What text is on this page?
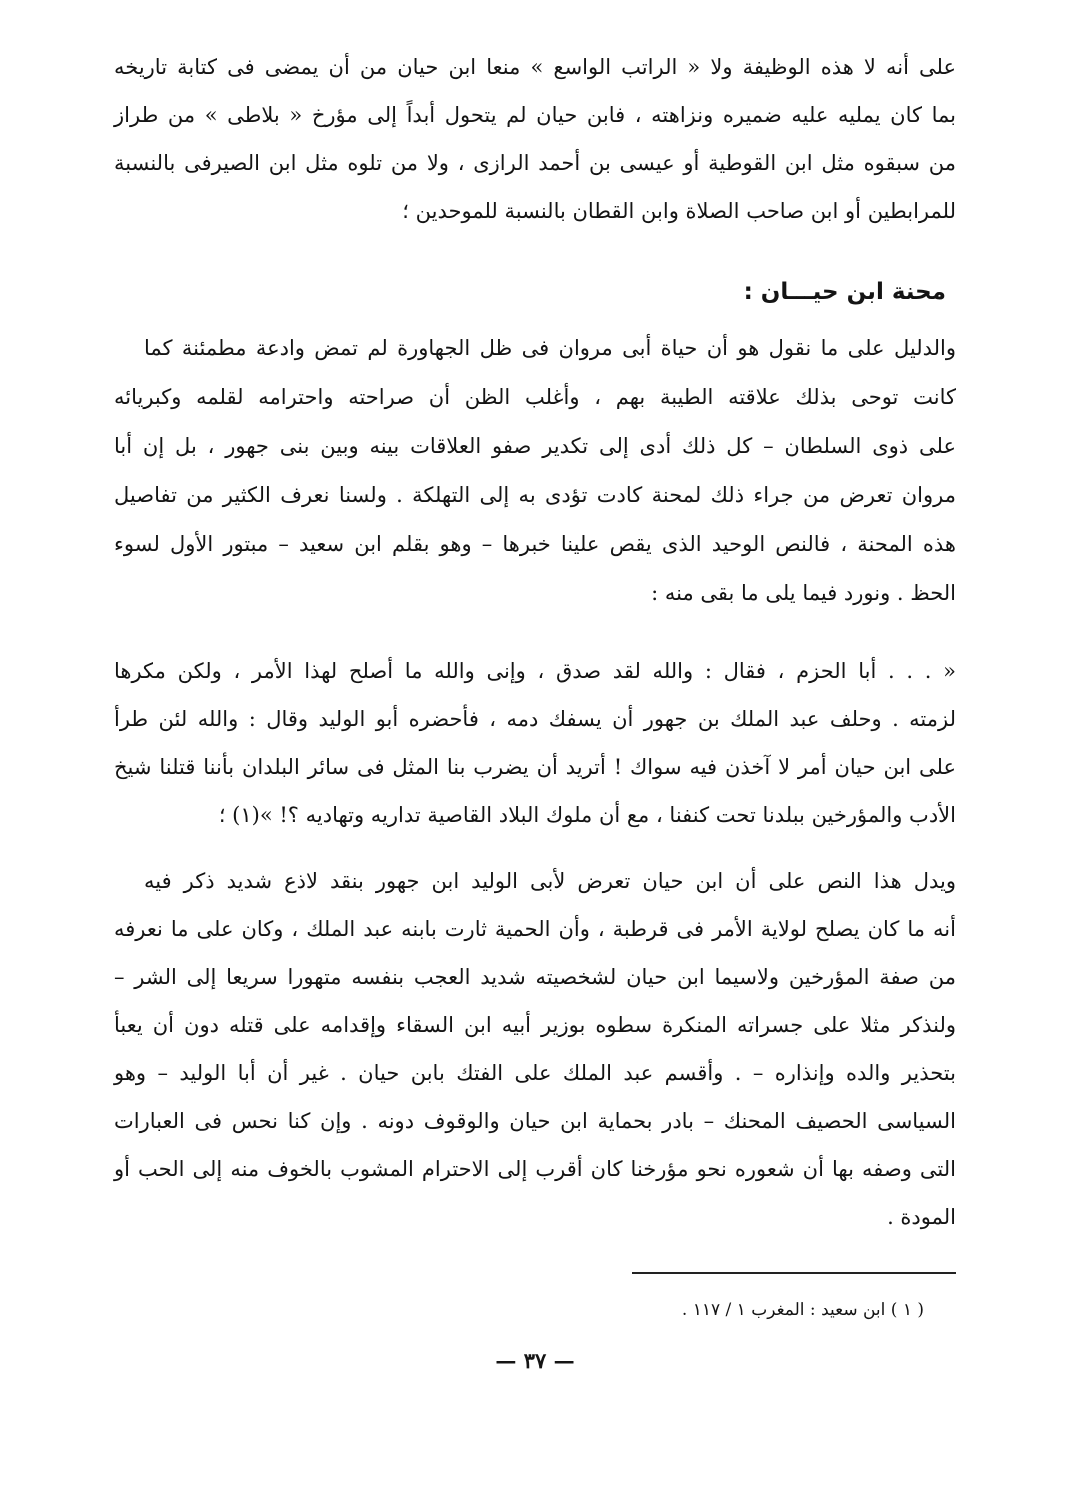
على أنه لا هذه الوظيفة ولا « الراتب الواسع » منعا ابن حيان من أن يمضى فى كتابة تاريخه
بما كان يمليه عليه ضميره ونزاهته ، فابن حيان لم يتحول أبداً إلى مؤرخ « بلاطى » من طراز
من سبقوه مثل ابن القوطية أو عيسى بن أحمد الرازى ، ولا من تلوه مثل ابن الصيرفى بالنسبة
للمرابطين أو ابن صاحب الصلاة وابن القطان بالنسبة للموحدين ؛
محنة ابن حيـــان :
والدليل على ما نقول هو أن حياة أبى مروان فى ظل الجهاورة لم تمض وادعة مطمئنة كما
كانت توحى بذلك علاقته الطيبة بهم ، وأغلب الظن أن صراحته واحترامه لقلمه وكبريائه
على ذوى السلطان – كل ذلك أدى إلى تكدير صفو العلاقات بينه وبين بنى جهور ، بل إن أبا
مروان تعرض من جراء ذلك لمحنة كادت تؤدى به إلى التهلكة . ولسنا نعرف الكثير من تفاصيل
هذه المحنة ، فالنص الوحيد الذى يقص علينا خبرها – وهو بقلم ابن سعيد – مبتور الأول لسوء
الحظ . ونورد فيما يلى ما بقى منه :
« . . . أبا الحزم ، فقال : والله لقد صدق ، وإنى والله ما أصلح لهذا الأمر ، ولكن مكرها
لزمته . وحلف عبد الملك بن جهور أن يسفك دمه ، فأحضره أبو الوليد وقال : والله لئن طرأ
على ابن حيان أمر لا آخذن فيه سواك ! أتريد أن يضرب بنا المثل فى سائر البلدان بأننا قتلنا شيخ
الأدب والمؤرخين ببلدنا تحت كنفنا ، مع أن ملوك البلاد القاصية تداريه وتهاديه ؟! »(١) ؛
ويدل هذا النص على أن ابن حيان تعرض لأبى الوليد ابن جهور بنقد لاذع شديد ذكر فيه
أنه ما كان يصلح لولاية الأمر فى قرطبة ، وأن الحمية ثارت بابنه عبد الملك ، وكان على ما نعرفه
من صفة المؤرخين ولاسيما ابن حيان لشخصيته شديد العجب بنفسه متهورا سريعا إلى الشر –
ولنذكر مثلا على جسراته المنكرة سطوه بوزير أبيه ابن السقاء وإقدامه على قتله دون أن يعبأ
بتحذير والده وإنذاره – . وأقسم عبد الملك على الفتك بابن حيان . غير أن أبا الوليد – وهو
السياسى الحصيف المحنك – بادر بحماية ابن حيان والوقوف دونه . وإن كنا نحس فى العبارات
التى وصفه بها أن شعوره نحو مؤرخنا كان أقرب إلى الاحترام المشوب بالخوف منه إلى الحب أو
المودة .
( ١ ) ابن سعيد : المغرب ١ / ١١٧ .
— ٣٧ —
